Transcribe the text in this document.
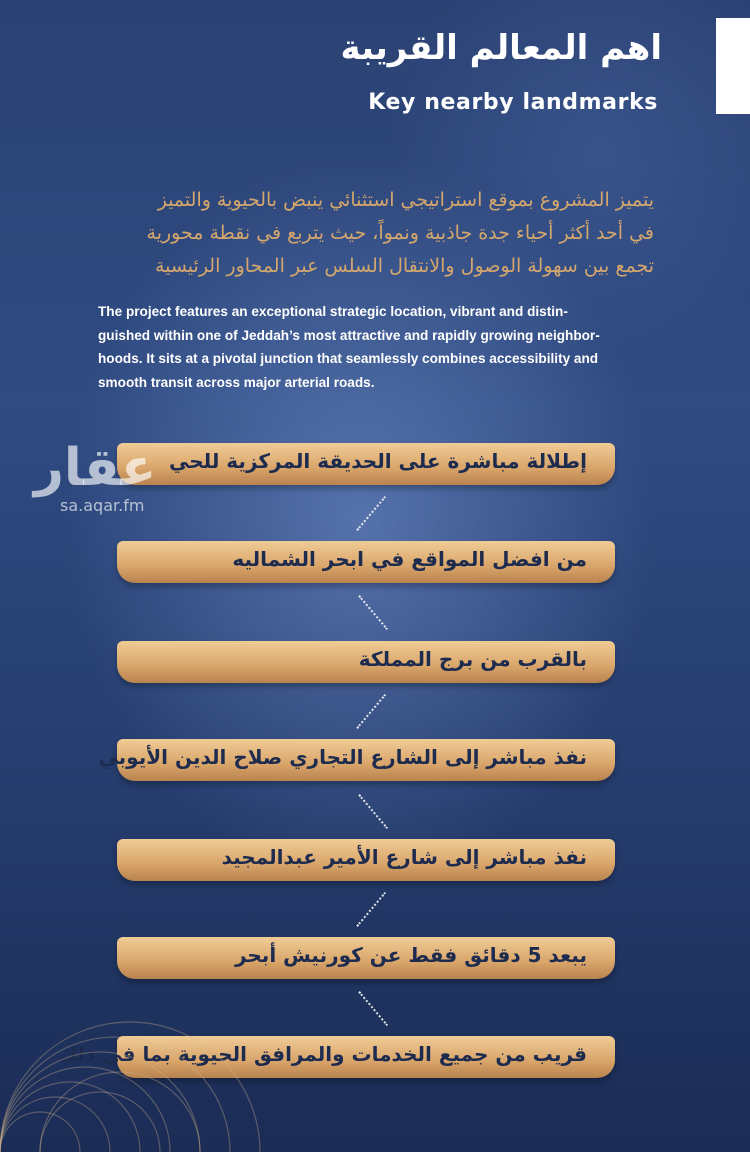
اهم المعالم القريبة
Key nearby landmarks
يتميز المشروع بموقع استراتيجي استثنائي ينبض بالحيوية والتميز
في أحد أكثر أحياء جدة جاذبية ونمواً، حيث يتربع في نقطة محورية
تجمع بين سهولة الوصول والانتقال السلس عبر المحاور الرئيسية
The project features an exceptional strategic location, vibrant and distin-
guished within one of Jeddah’s most attractive and rapidly growing neighbor-
hoods. It sits at a pivotal junction that seamlessly combines accessibility and
smooth transit across major arterial roads.
إطلالة مباشرة على الحديقة المركزية للحي
من افضل المواقع في ابحر الشماليه
بالقرب من برج المملكة
نفذ مباشر إلى الشارع التجاري صلاح الدين الأيوبي
نفذ مباشر إلى شارع الأمير عبدالمجيد
يبعد 5 دقائق فقط عن كورنيش أبحر
قريب من جميع الخدمات والمرافق الحيوية بما في ذلك
عقار
sa.aqar.fm
